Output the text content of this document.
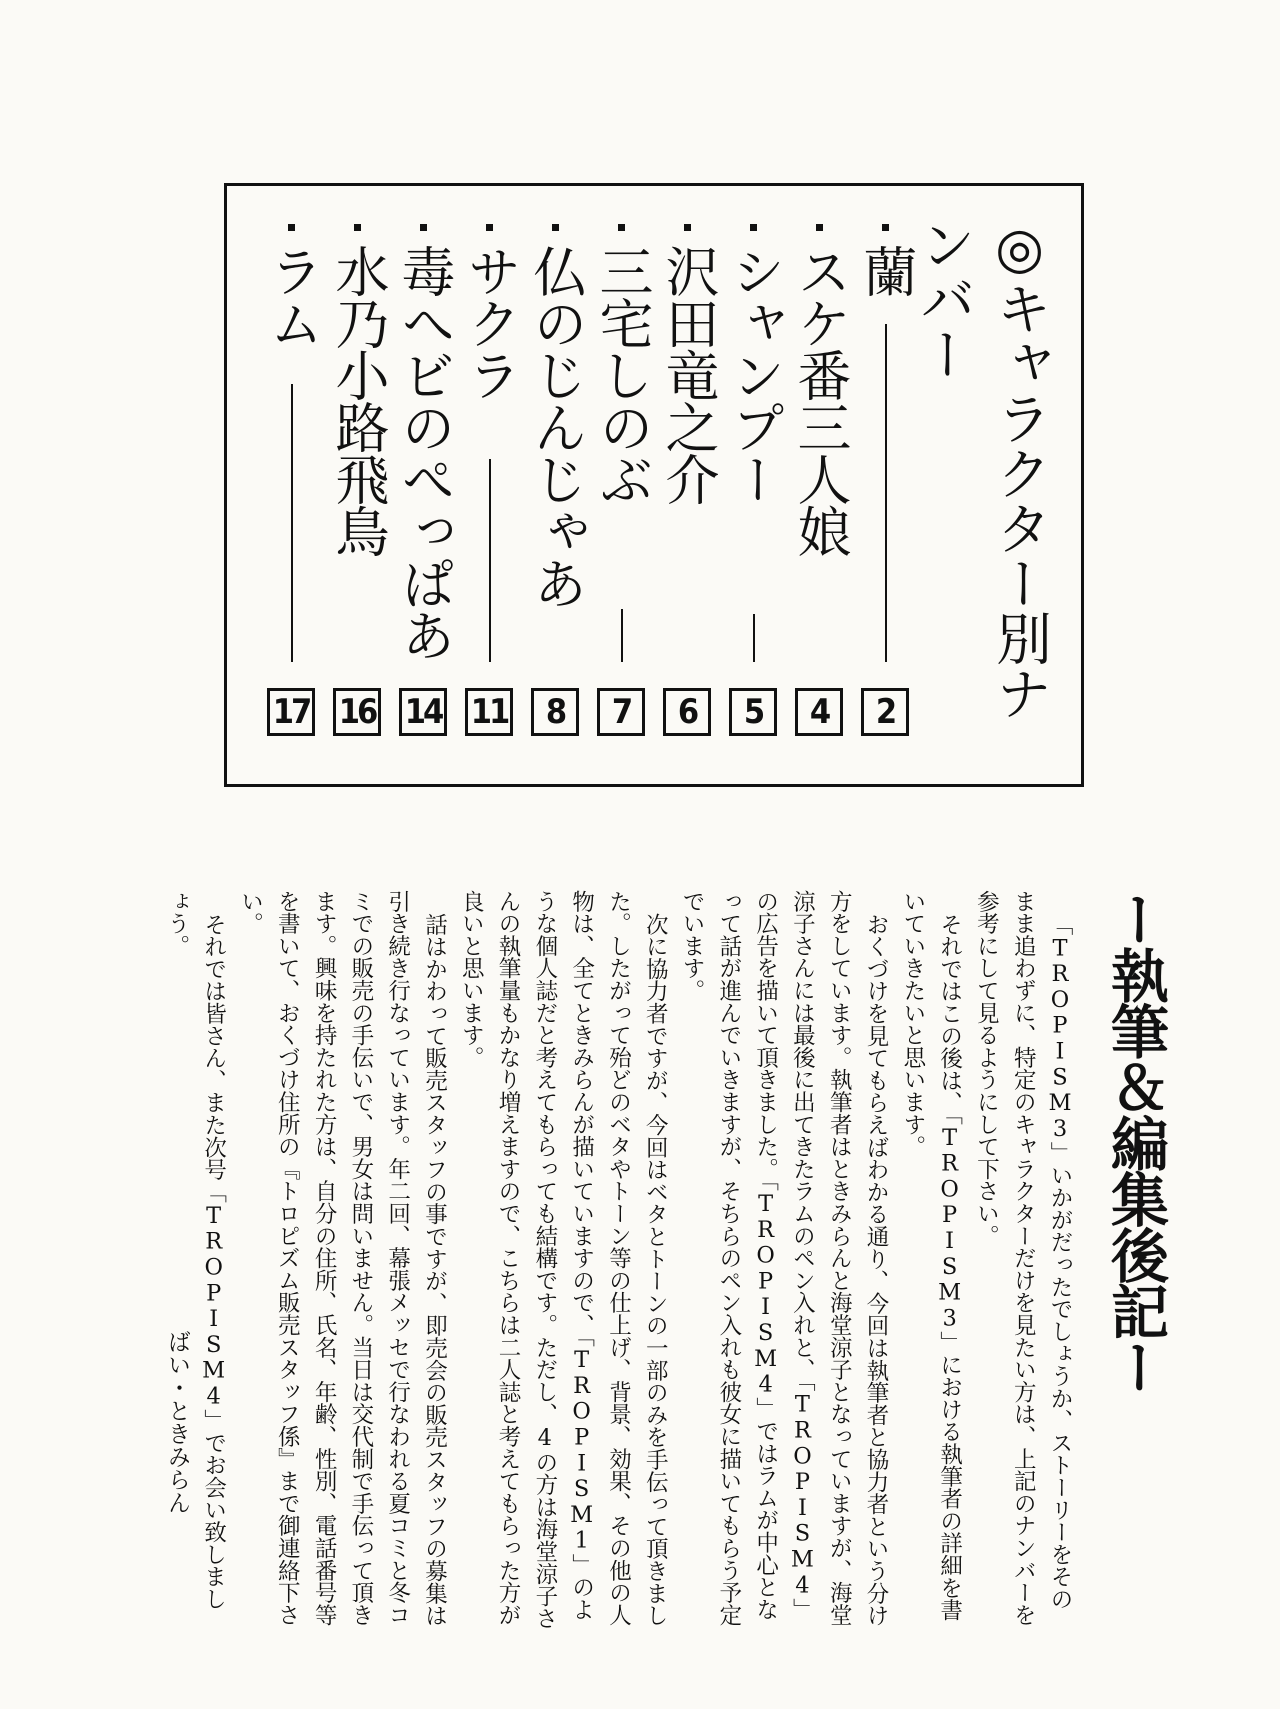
◎キャラクター別ナンバー
蘭
2
スケ番三人娘
4
シャンプー
5
沢田竜之介
6
三宅しのぶ
7
仏のじんじゃあ
8
サクラ
11
毒へビのぺっぱあ
14
水乃小路飛鳥
16
ラム
17
ー執筆＆編集後記ー

「TROPISM3」いかがだったでしょうか、ストーリーをそのまま追わずに、特定のキャラクターだけを見たい方は、上記のナンバーを参考にして見るようにして下さい。

それではこの後は、「TROPISM3」における執筆者の詳細を書いていきたいと思います。

おくづけを見てもらえばわかる通り、今回は執筆者と協力者という分け方をしています。執筆者はときみらんと海堂涼子となっていますが、海堂涼子さんには最後に出てきたラムのペン入れと、「TROPISM4」の広告を描いて頂きました。「TROPISM4」ではラムが中心となって話が進んでいきますが、そちらのペン入れも彼女に描いてもらう予定でいます。

次に協力者ですが、今回はベタとトーンの一部のみを手伝って頂きました。したがって殆どのベタやトーン等の仕上げ、背景、効果、その他の人物は、全てときみらんが描いていますので、「TROPISM1」のような個人誌だと考えてもらっても結構です。ただし、4の方は海堂涼子さんの執筆量もかなり増えますので、こちらは二人誌と考えてもらった方が良いと思います。

話はかわって販売スタッフの事ですが、即売会の販売スタッフの募集は引き続き行なっています。年二回、幕張メッセで行なわれる夏コミと冬コミでの販売の手伝いで、男女は問いません。当日は交代制で手伝って頂きます。興味を持たれた方は、自分の住所、氏名、年齢、性別、電話番号等を書いて、おくづけ住所の『トロピズム販売スタッフ係』まで御連絡下さい。

それでは皆さん、また次号「TROPISM4」でお会い致しましょう。

ばい・ときみらん
